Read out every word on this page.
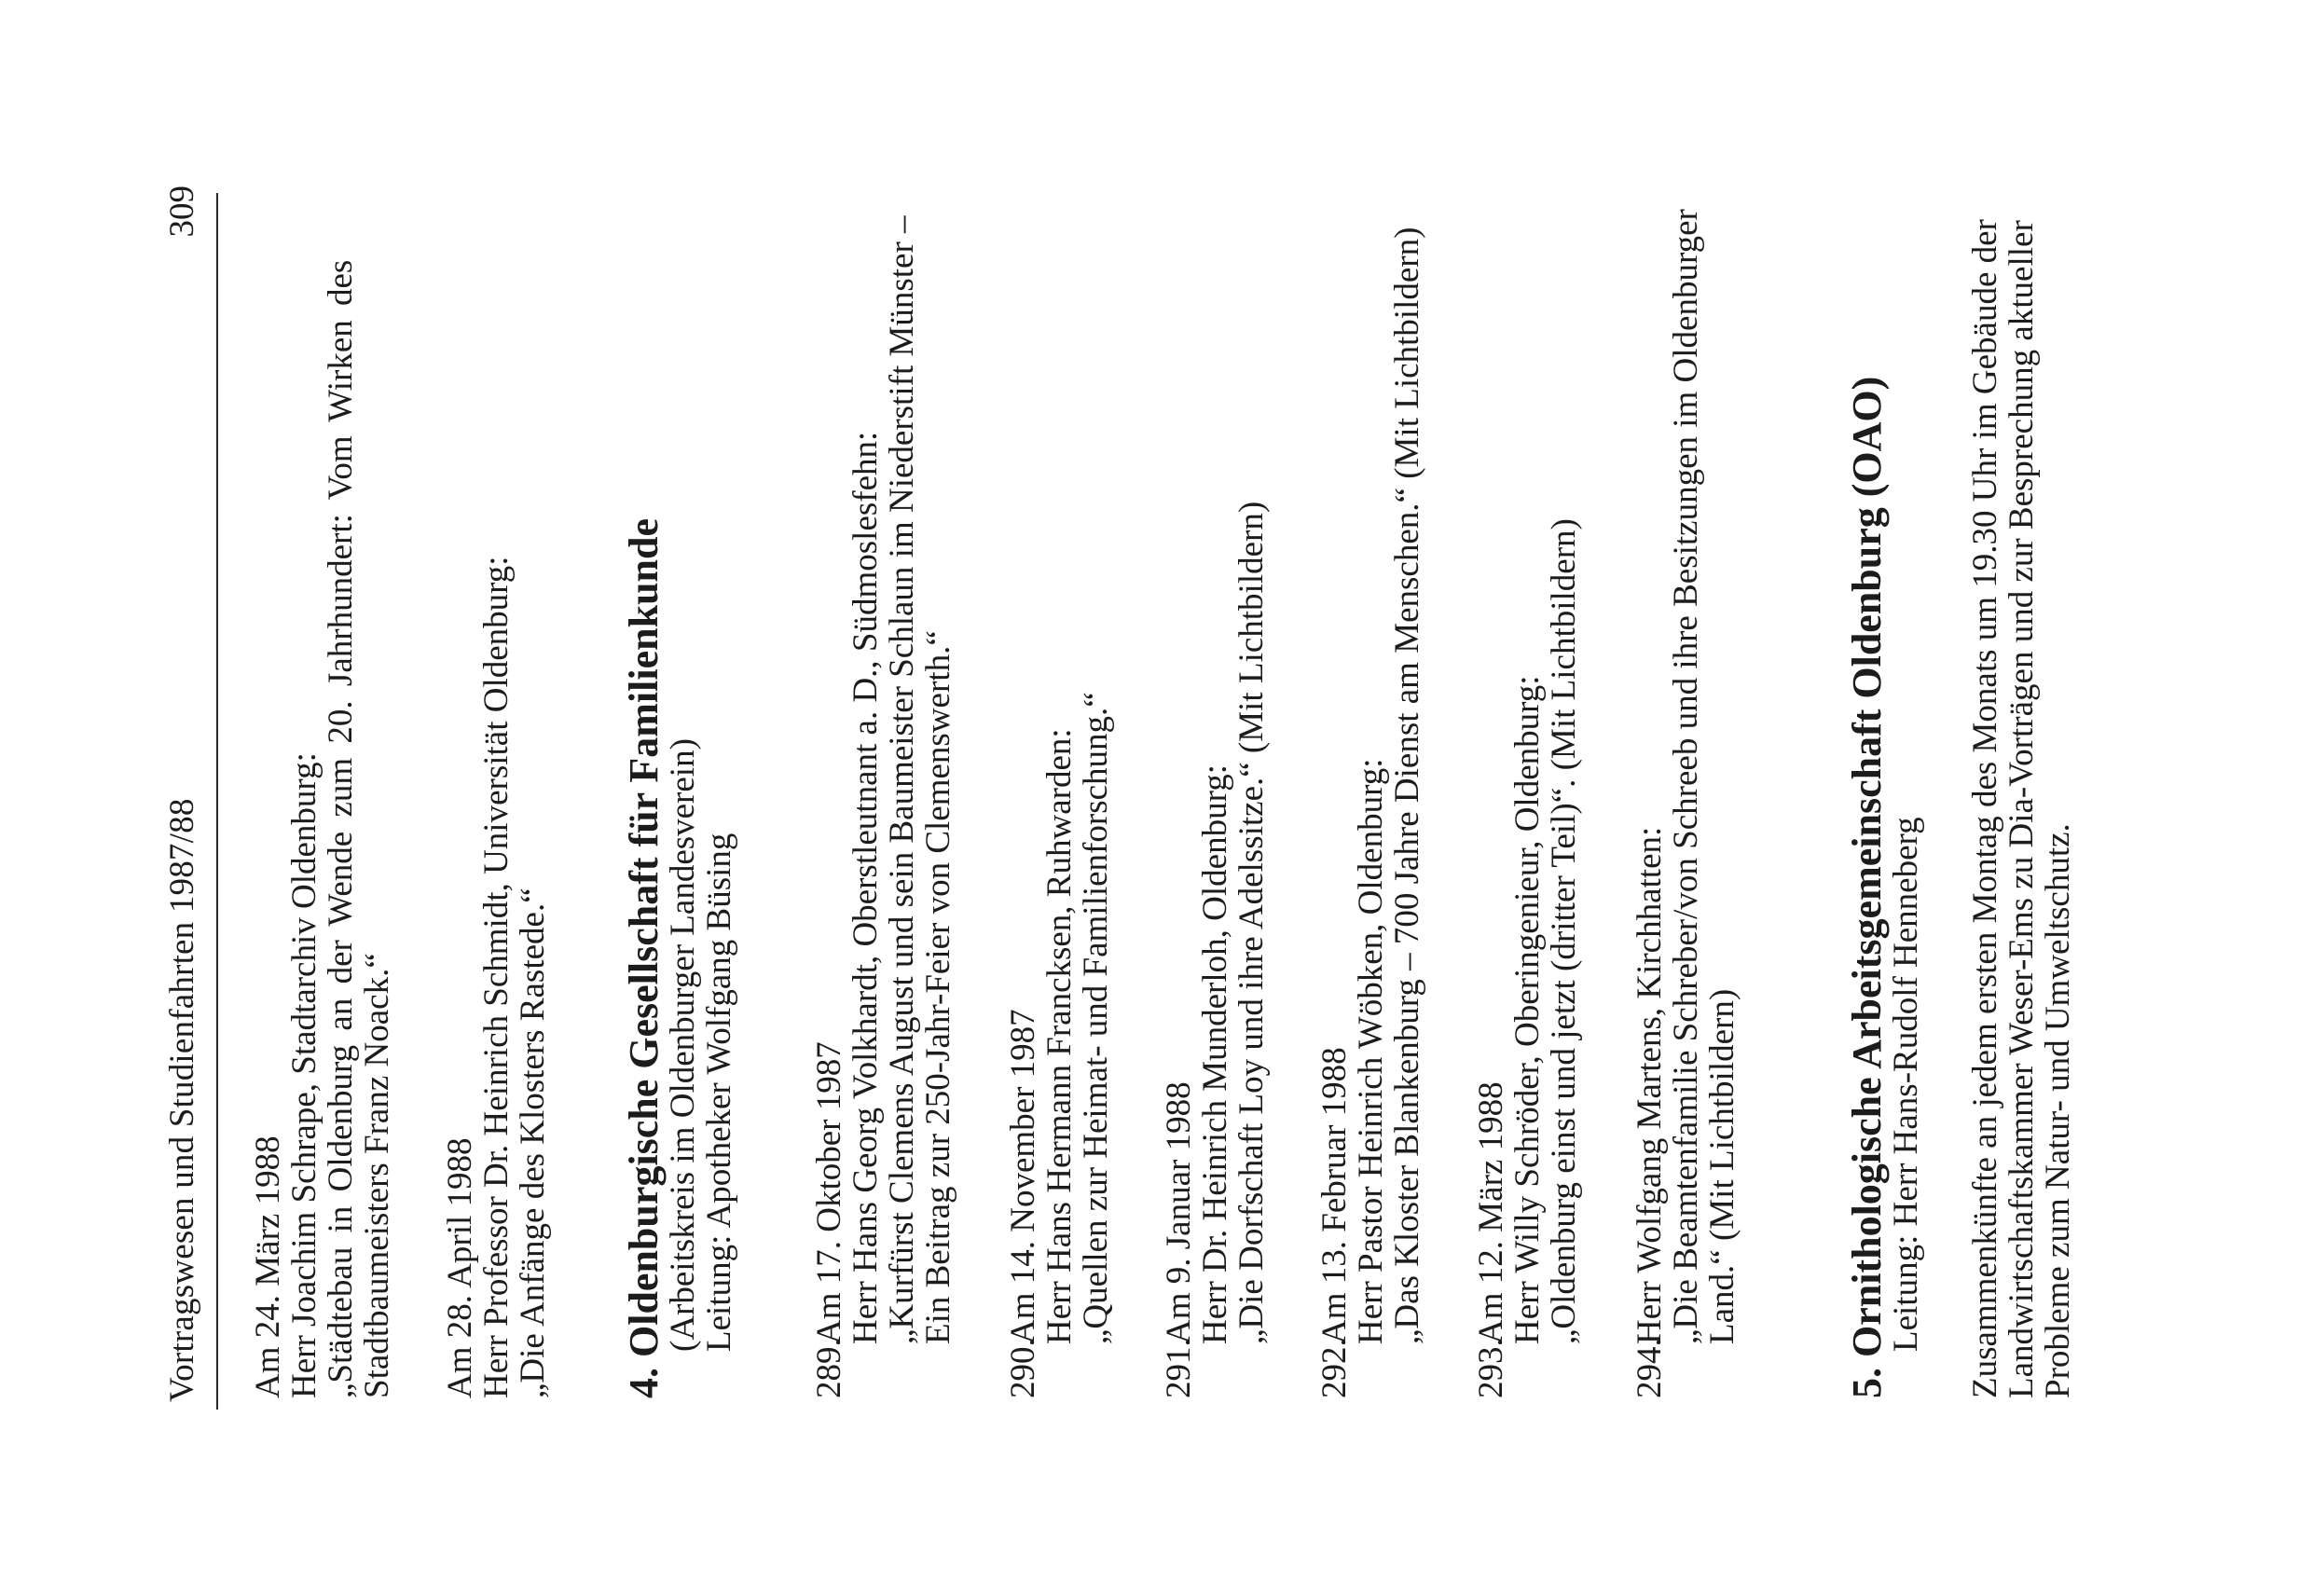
Vortragswesen und Studienfahrten 1987/88
309

Am 24. März 1988

Herr Joachim Schrape, Stadtarchiv Oldenburg:

„Städtebau in Oldenburg an der Wende zum 20. Jahrhundert: Vom Wirken des

Stadtbaumeisters Franz Noack.“ Am 28. April 1988

Herr Professor Dr. Heinrich Schmidt, Universität Oldenburg:

„Die Anfänge des Klosters Rastede.“ 4. Oldenburgische Gesellschaft für Familienkunde

(Arbeitskreis im Oldenburger Landesverein)

Leitung: Apotheker Wolfgang Büsing

289.

Am 17. Oktober 1987

Herr Hans Georg Volkhardt, Oberstleutnant a. D., Südmoslesfehn:

„Kurfürst Clemens August und sein Baumeister Schlaun im Niederstift Münster –

Ein Beitrag zur 250-Jahr-Feier von Clemenswerth.“

290.

Am 14. November 1987

Herr Hans Hermann Francksen, Ruhwarden:

„Quellen zur Heimat- und Familienforschung.“

291.

Am 9. Januar 1988

Herr Dr. Heinrich Munderloh, Oldenburg:

„Die Dorfschaft Loy und ihre Adelssitze.“ (Mit Lichtbildern)

292.

Am 13. Februar 1988

Herr Pastor Heinrich Wöbken, Oldenburg:

„Das Kloster Blankenburg – 700 Jahre Dienst am Menschen.“ (Mit Lichtbildern)

293.

Am 12. März 1988

Herr Willy Schröder, Oberingenieur, Oldenburg:

„Oldenburg einst und jetzt (dritter Teil)“. (Mit Lichtbildern)

294.

Herr Wolfgang Martens, Kirchhatten:

„Die Beamtenfamilie Schreber/von Schreeb und ihre Besitzungen im Oldenburger

Land.“ (Mit Lichtbildern)

5. Ornithologische Arbeitsgemeinschaft Oldenburg (OAO)

Leitung: Herr Hans-Rudolf Henneberg Zusammenkünfte an jedem ersten Montag des Monats um 19.30 Uhr im Gebäude der

Landwirtschaftskammer Weser-Ems zu Dia-Vorträgen und zur Besprechung aktueller

Probleme zum Natur- und Umweltschutz.
